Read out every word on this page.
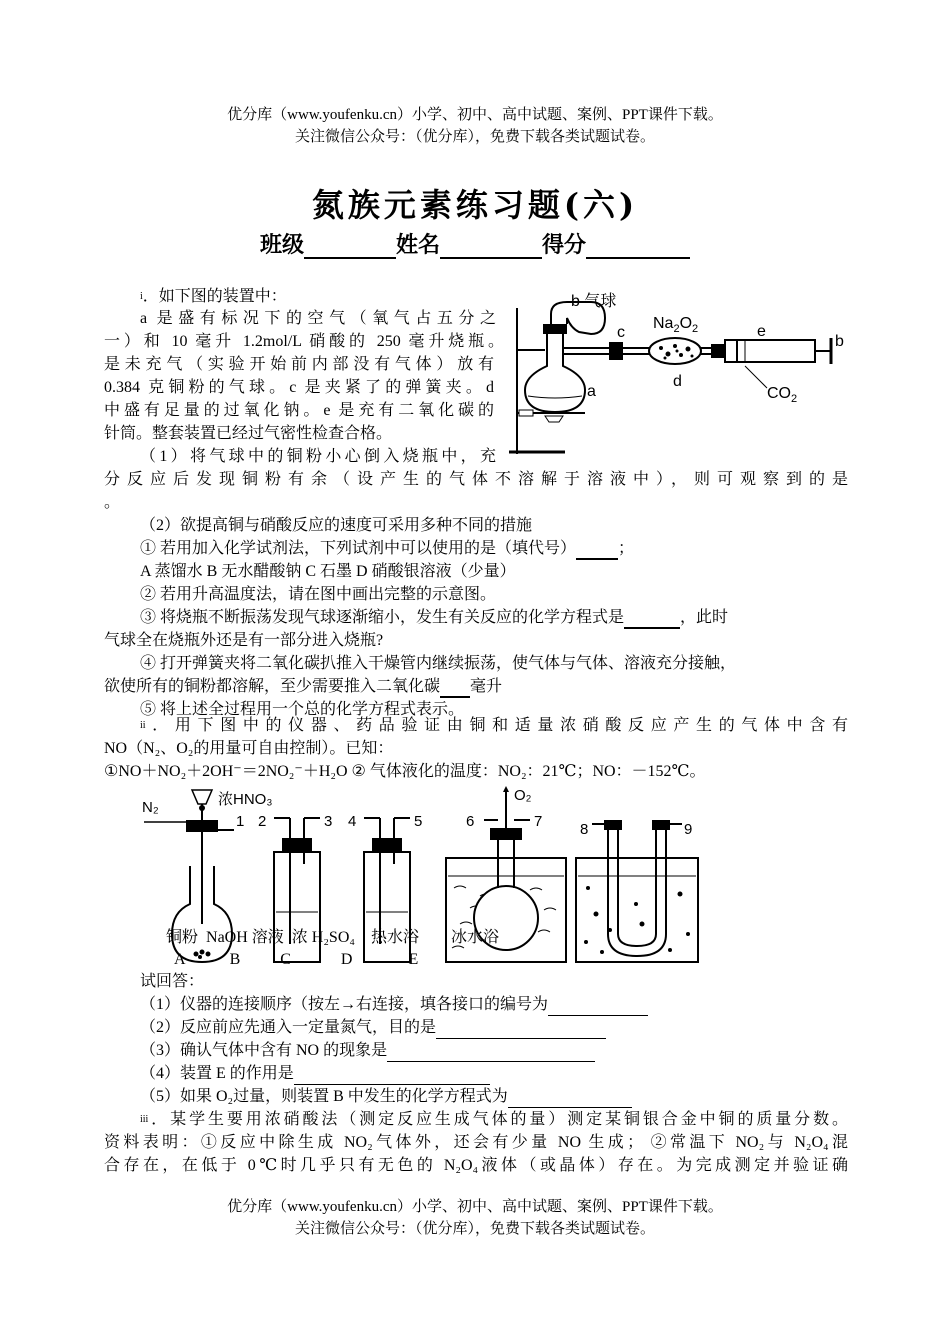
优分库（www.youfenku.cn）小学、初中、高中试题、案例、PPT课件下载。
关注微信公众号：（优分库），免费下载各类试题试卷。
氮族元素练习题(六)
班级	姓名	得分
$^i$．如下图的装置中：
a 是盛有标况下的空气（氧气占五分之
一）和 10 毫升 1.2mol/L 硝酸的 250 毫升烧瓶。
是未充气（实验开始前内部没有气体）放有
0.384 克铜粉的气球。c 是夹紧了的弹簧夹。d
中盛有足量的过氧化钠。e 是充有二氧化碳的
针筒。整套装置已经过气密性检查合格。
（1）将气球中的铜粉小心倒入烧瓶中，充
分反应后发现铜粉有余（设产生的气体不溶解于溶液中），则可观察到的是
。
（2）欲提高铜与硝酸反应的速度可采用多种不同的措施
① 若用加入化学试剂法，下列试剂中可以使用的是（填代号）	；
A 蒸馏水 B 无水醋酸钠 C 石墨 D 硝酸银溶液（少量）
② 若用升高温度法，请在图中画出完整的示意图。
③ 将烧瓶不断振荡发现气球逐渐缩小，发生有关反应的化学方程式是	，此时
气球全在烧瓶外还是有一部分进入烧瓶?
④ 打开弹簧夹将二氧化碳扒推入干燥管内继续振荡，使气体与气体、溶液充分接触，
欲使所有的铜粉都溶解，至少需要推入二氧化碳 毫升
⑤ 将上述全过程用一个总的化学方程式表示。
b 气球
c
$Na_2O_2$	e
a
d
$CO_2$
b
$^{ii}$．用下图中的仪器、药品验证由铜和适量浓硝酸反应产生的气体中含有
NO（N₂、O₂的用量可自由控制）。已知：
①NO＋NO₂＋2OH⁻＝2NO₂⁻＋H₂O ② 气体液化的温度：NO₂：21℃；NO：－152℃。
N₂	浓HNO₃
1 2	3 4	5
O₂
6	7	8	9
铜粉 NaOH 溶液 浓 H₂SO₄ 热水浴 冰水浴
A	B	C	D	E
试回答：
（1）仪器的连接顺序（按左→右连接，填各接口的编号为
（2）反应前应先通入一定量氮气，目的是
（3）确认气体中含有 NO 的现象是
（4）装置 E 的作用是
（5）如果 O₂过量，则装置 B 中发生的化学方程式为
$^{iii}$．某学生要用浓硝酸法（测定反应生成气体的量）测定某铜银合金中铜的质量分数。
资料表明：①反应中除生成 NO₂气体外，还会有少量 NO 生成； ②常温下 NO₂与 N₂O₄混
合存在，在低于 0℃时几乎只有无色的 N₂O₄液体（或晶体）存在。为完成测定并验证确
优分库（www.youfenku.cn）小学、初中、高中试题、案例、PPT课件下载。
关注微信公众号：（优分库），免费下载各类试题试卷。
